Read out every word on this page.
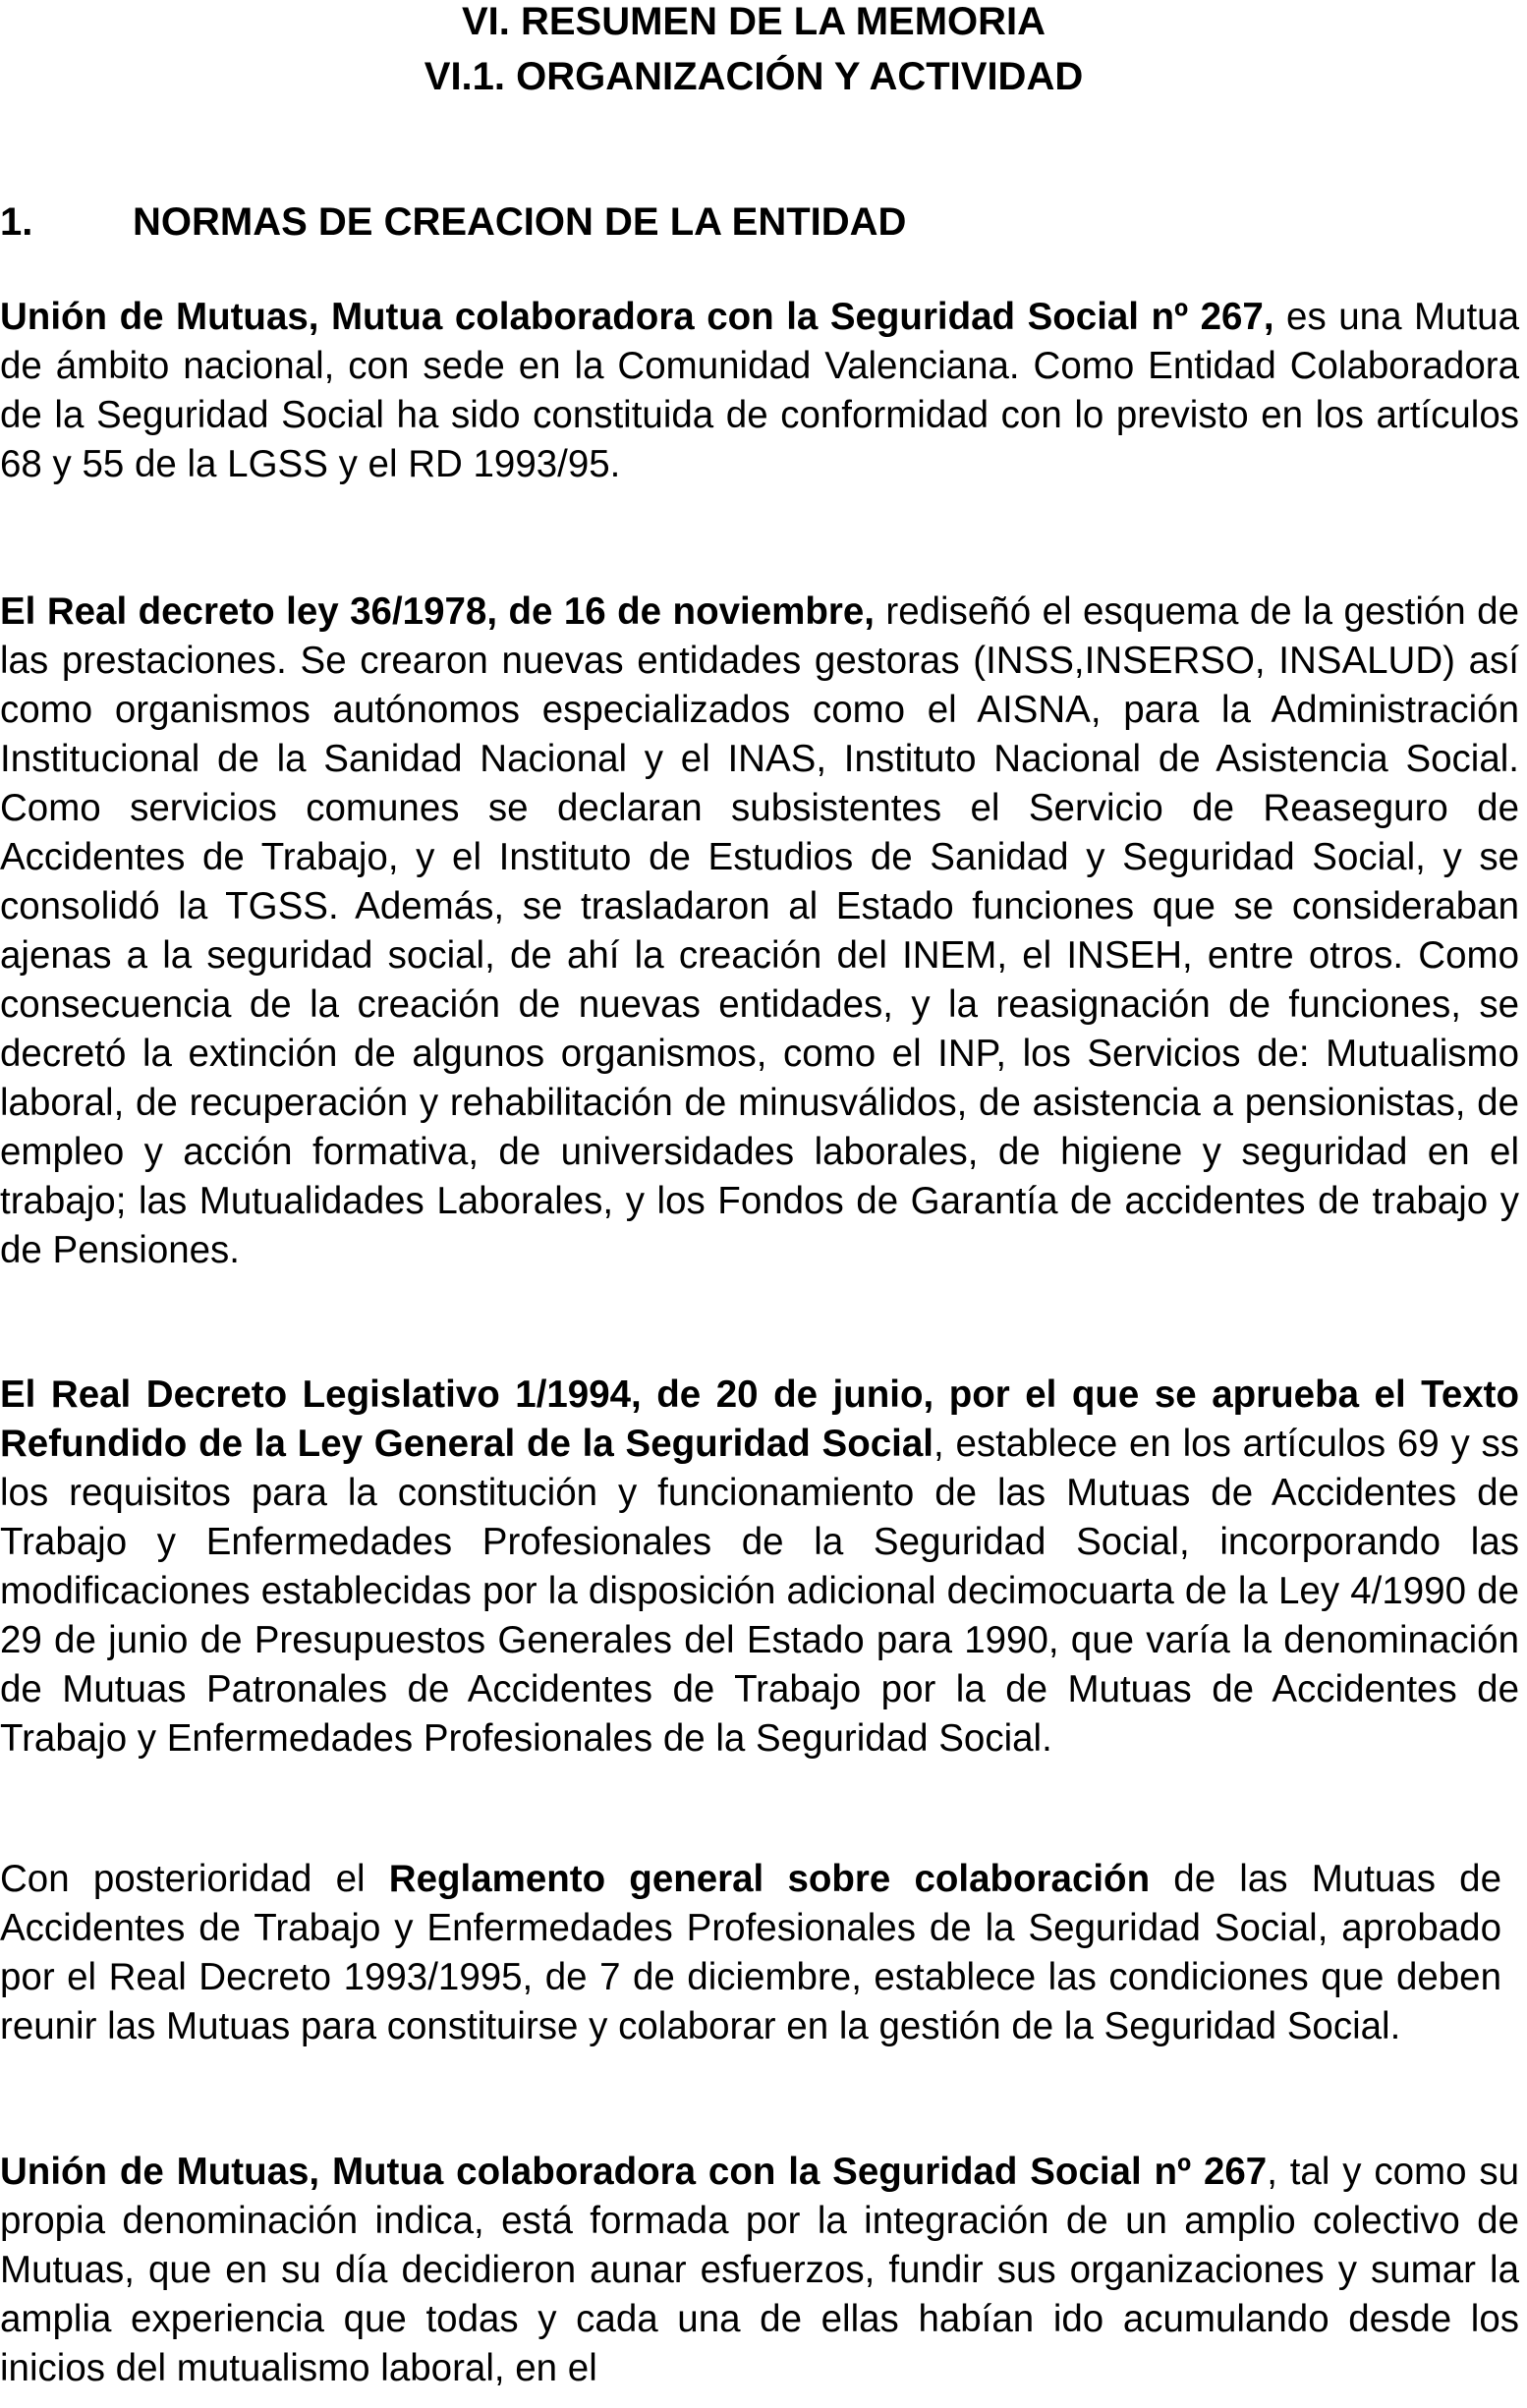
VI. RESUMEN DE LA MEMORIA
VI.1. ORGANIZACIÓN Y ACTIVIDAD
1.	NORMAS DE CREACION DE LA ENTIDAD

Unión de Mutuas, Mutua colaboradora con la Seguridad Social nº 267, es una Mutua de ámbito nacional, con sede en la Comunidad Valenciana. Como Entidad Colaboradora de la Seguridad Social ha sido constituida de conformidad con lo previsto en los artículos 68 y 55 de la LGSS y el RD 1993/95.

El Real decreto ley 36/1978, de 16 de noviembre, rediseñó el esquema de la gestión de las prestaciones. Se crearon nuevas entidades gestoras (INSS,INSERSO, INSALUD) así como organismos autónomos especializados como el AISNA, para la Administración Institucional de la Sanidad Nacional y el INAS, Instituto Nacional de Asistencia Social. Como servicios comunes se declaran subsistentes el Servicio de Reaseguro de Accidentes de Trabajo, y el Instituto de Estudios de Sanidad y Seguridad Social, y se consolidó la TGSS. Además, se trasladaron al Estado funciones que se consideraban ajenas a la seguridad social, de ahí la creación del INEM, el INSEH, entre otros. Como consecuencia de la creación de nuevas entidades, y la reasignación de funciones, se decretó la extinción de algunos organismos, como el INP, los Servicios de: Mutualismo laboral, de recuperación y rehabilitación de minusválidos, de asistencia a pensionistas, de empleo y acción formativa, de universidades laborales, de higiene y seguridad en el trabajo; las Mutualidades Laborales, y los Fondos de Garantía de accidentes de trabajo y de Pensiones.

El Real Decreto Legislativo 1/1994, de 20 de junio, por el que se aprueba el Texto Refundido de la Ley General de la Seguridad Social, establece en los artículos 69 y ss los requisitos para la constitución y funcionamiento de las Mutuas de Accidentes de Trabajo y Enfermedades Profesionales de la Seguridad Social, incorporando las modificaciones establecidas por la disposición adicional decimocuarta de la Ley 4/1990 de 29 de junio de Presupuestos Generales del Estado para 1990, que varía la denominación de Mutuas Patronales de Accidentes de Trabajo por la de Mutuas de Accidentes de Trabajo y Enfermedades Profesionales de la Seguridad Social.

Con posterioridad el Reglamento general sobre colaboración de las Mutuas de Accidentes de Trabajo y Enfermedades Profesionales de la Seguridad Social, aprobado por el Real Decreto 1993/1995, de 7 de diciembre, establece las condiciones que deben reunir las Mutuas para constituirse y colaborar en la gestión de la Seguridad Social.

Unión de Mutuas, Mutua colaboradora con la Seguridad Social nº 267, tal y como su propia denominación indica, está formada por la integración de un amplio colectivo de Mutuas, que en su día decidieron aunar esfuerzos, fundir sus organizaciones y sumar la amplia experiencia que todas y cada una de ellas habían ido acumulando desde los inicios del mutualismo laboral, en el
